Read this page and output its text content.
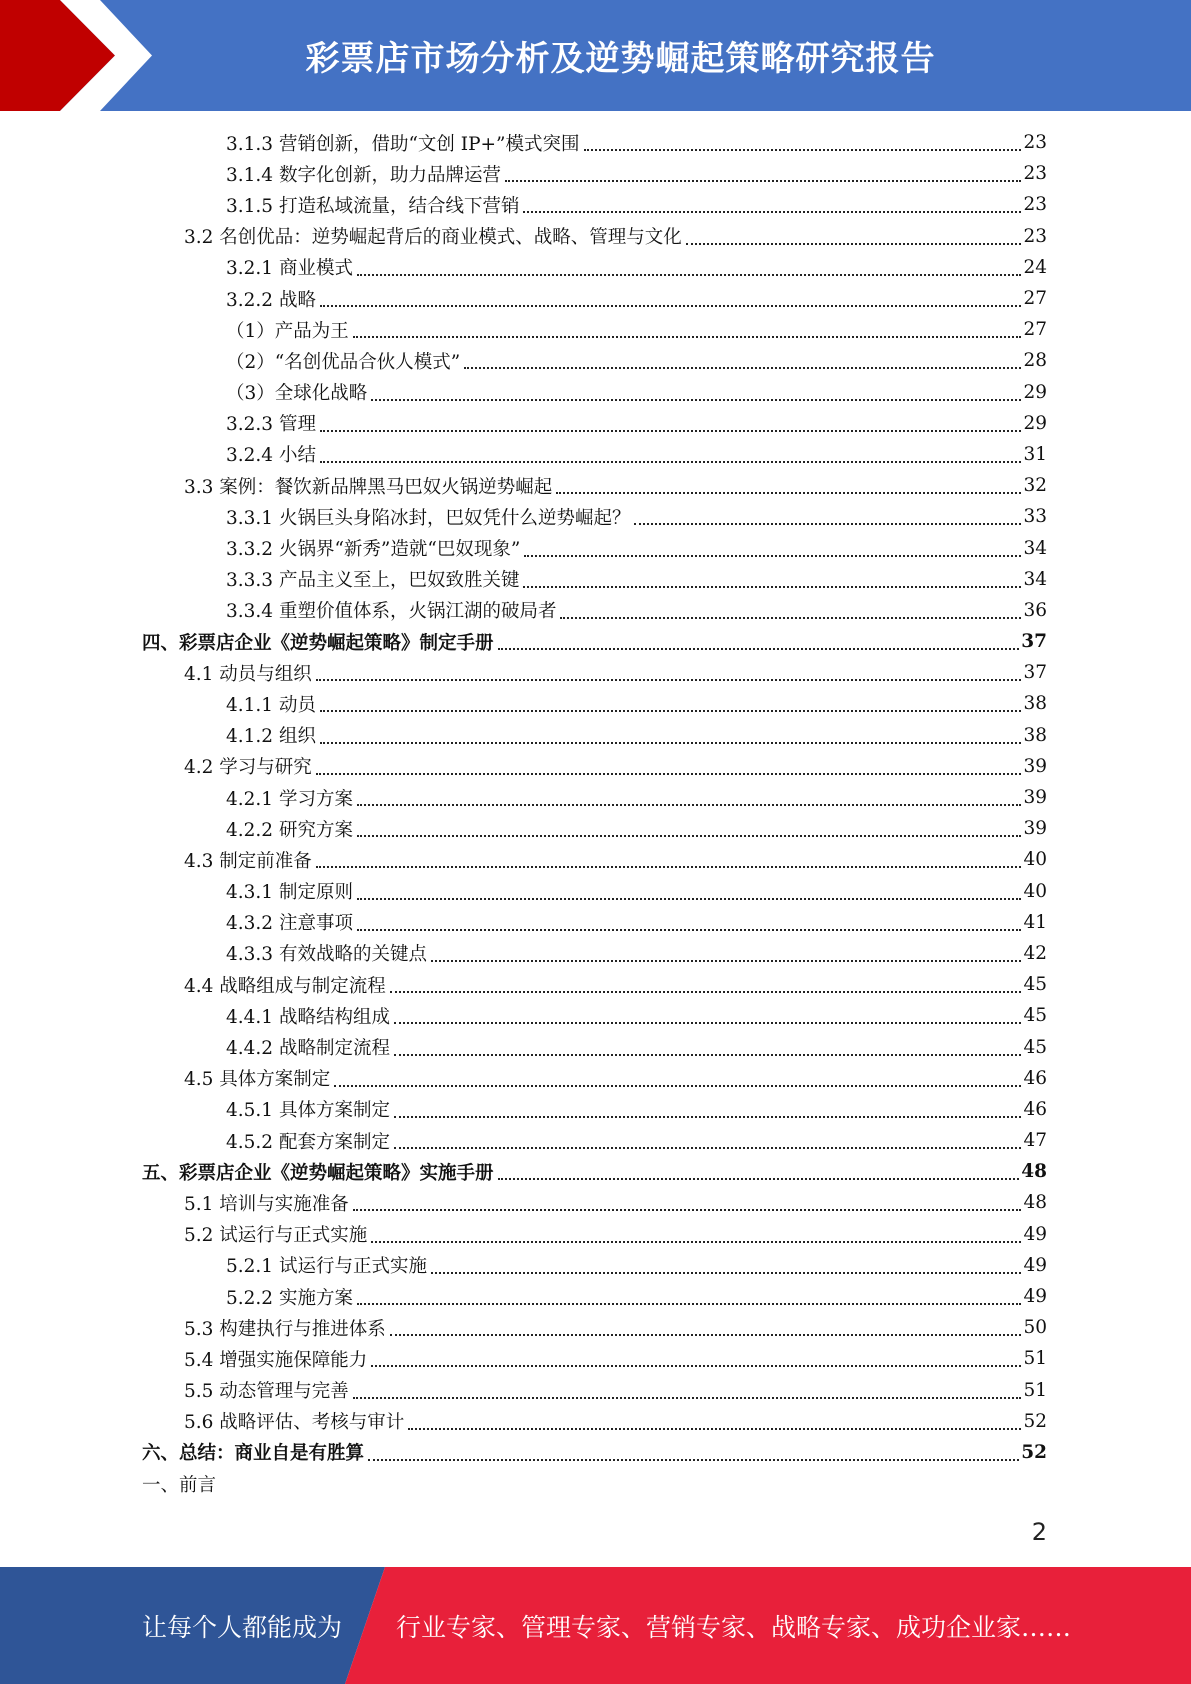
彩票店市场分析及逆势崛起策略研究报告
3.1.3 营销创新，借助“文创 IP+”模式突围	23
3.1.4 数字化创新，助力品牌运营	23
3.1.5 打造私域流量，结合线下营销	23
3.2 名创优品：逆势崛起背后的商业模式、战略、管理与文化	23
3.2.1 商业模式	24
3.2.2 战略	27
（1）产品为王	27
（2）“名创优品合伙人模式”	28
（3）全球化战略	29
3.2.3 管理	29
3.2.4 小结	31
3.3 案例：餐饮新品牌黑马巴奴火锅逆势崛起	32
3.3.1 火锅巨头身陷冰封，巴奴凭什么逆势崛起？	33
3.3.2 火锅界“新秀”造就“巴奴现象”	34
3.3.3 产品主义至上，巴奴致胜关键	34
3.3.4 重塑价值体系，火锅江湖的破局者	36
四、彩票店企业《逆势崛起策略》制定手册	37
4.1 动员与组织	37
4.1.1 动员	38
4.1.2 组织	38
4.2 学习与研究	39
4.2.1 学习方案	39
4.2.2 研究方案	39
4.3 制定前准备	40
4.3.1 制定原则	40
4.3.2 注意事项	41
4.3.3 有效战略的关键点	42
4.4 战略组成与制定流程	45
4.4.1 战略结构组成	45
4.4.2 战略制定流程	45
4.5 具体方案制定	46
4.5.1 具体方案制定	46
4.5.2 配套方案制定	47
五、彩票店企业《逆势崛起策略》实施手册	48
5.1 培训与实施准备	48
5.2 试运行与正式实施	49
5.2.1 试运行与正式实施	49
5.2.2 实施方案	49
5.3 构建执行与推进体系	50
5.4 增强实施保障能力	51
5.5 动态管理与完善	51
5.6 战略评估、考核与审计	52
六、总结：商业自是有胜算	52
一、前言
2
让每个人都能成为 行业专家、管理专家、营销专家、战略专家、成功企业家……
